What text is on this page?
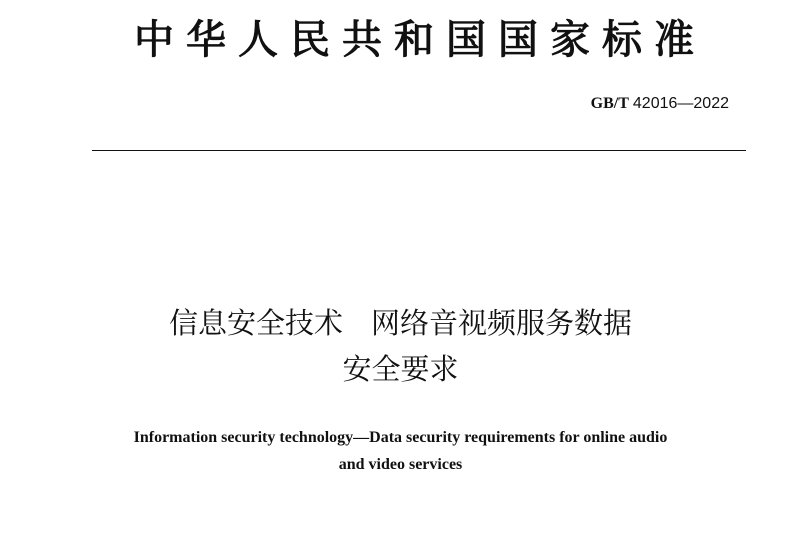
中华人民共和国国家标准
GB/T 42016—2022
信息安全技术 网络音视频服务数据
安全要求
Information security technology—Data security requirements for online audio
and video services
